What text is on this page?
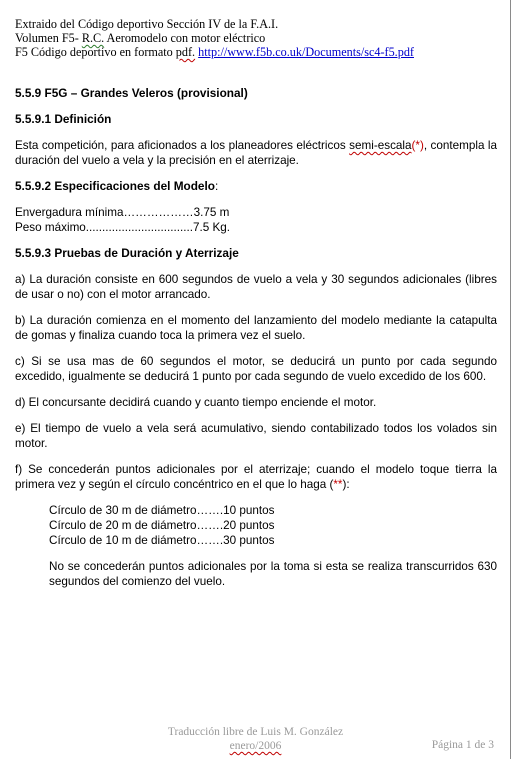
Extraido del Código deportivo Sección IV de la F.A.I.
Volumen F5- R.C. Aeromodelo con motor eléctrico
F5 Código deportivo en formato pdf. http://www.f5b.co.uk/Documents/sc4-f5.pdf
5.5.9 F5G – Grandes Veleros (provisional)
5.5.9.1 Definición

Esta competición, para aficionados a los planeadores eléctricos semi-escala(*), contempla la duración del vuelo a vela y la precisión en el aterrizaje.

5.5.9.2 Especificaciones del Modelo:
Envergadura mínima………………3.75 m
Peso máximo.................................7.5 Kg.
5.5.9.3 Pruebas de Duración y Aterrizaje

a) La duración consiste en 600 segundos de vuelo a vela y 30 segundos adicionales (libres de usar o no) con el motor arrancado.

b) La duración comienza en el momento del lanzamiento del modelo mediante la catapulta de gomas y finaliza cuando toca la primera vez el suelo.

c) Si se usa mas de 60 segundos el motor, se deducirá un punto por cada segundo excedido, igualmente se deducirá 1 punto por cada segundo de vuelo excedido de los 600.

d) El concursante decidirá cuando y cuanto tiempo enciende el motor.

e) El tiempo de vuelo a vela será acumulativo, siendo contabilizado todos los volados sin motor.

f) Se concederán puntos adicionales por el aterrizaje; cuando el modelo toque tierra la primera vez y según el círculo concéntrico en el que lo haga (**):

Círculo de 30 m de diámetro…….10 puntos
Círculo de 20 m de diámetro…….20 puntos
Círculo de 10 m de diámetro…….30 puntos

No se concederán puntos adicionales por la toma si esta se realiza transcurridos 630 segundos del comienzo del vuelo.

Traducción libre de Luis M. González
enero/2006	Página 1 de 3
